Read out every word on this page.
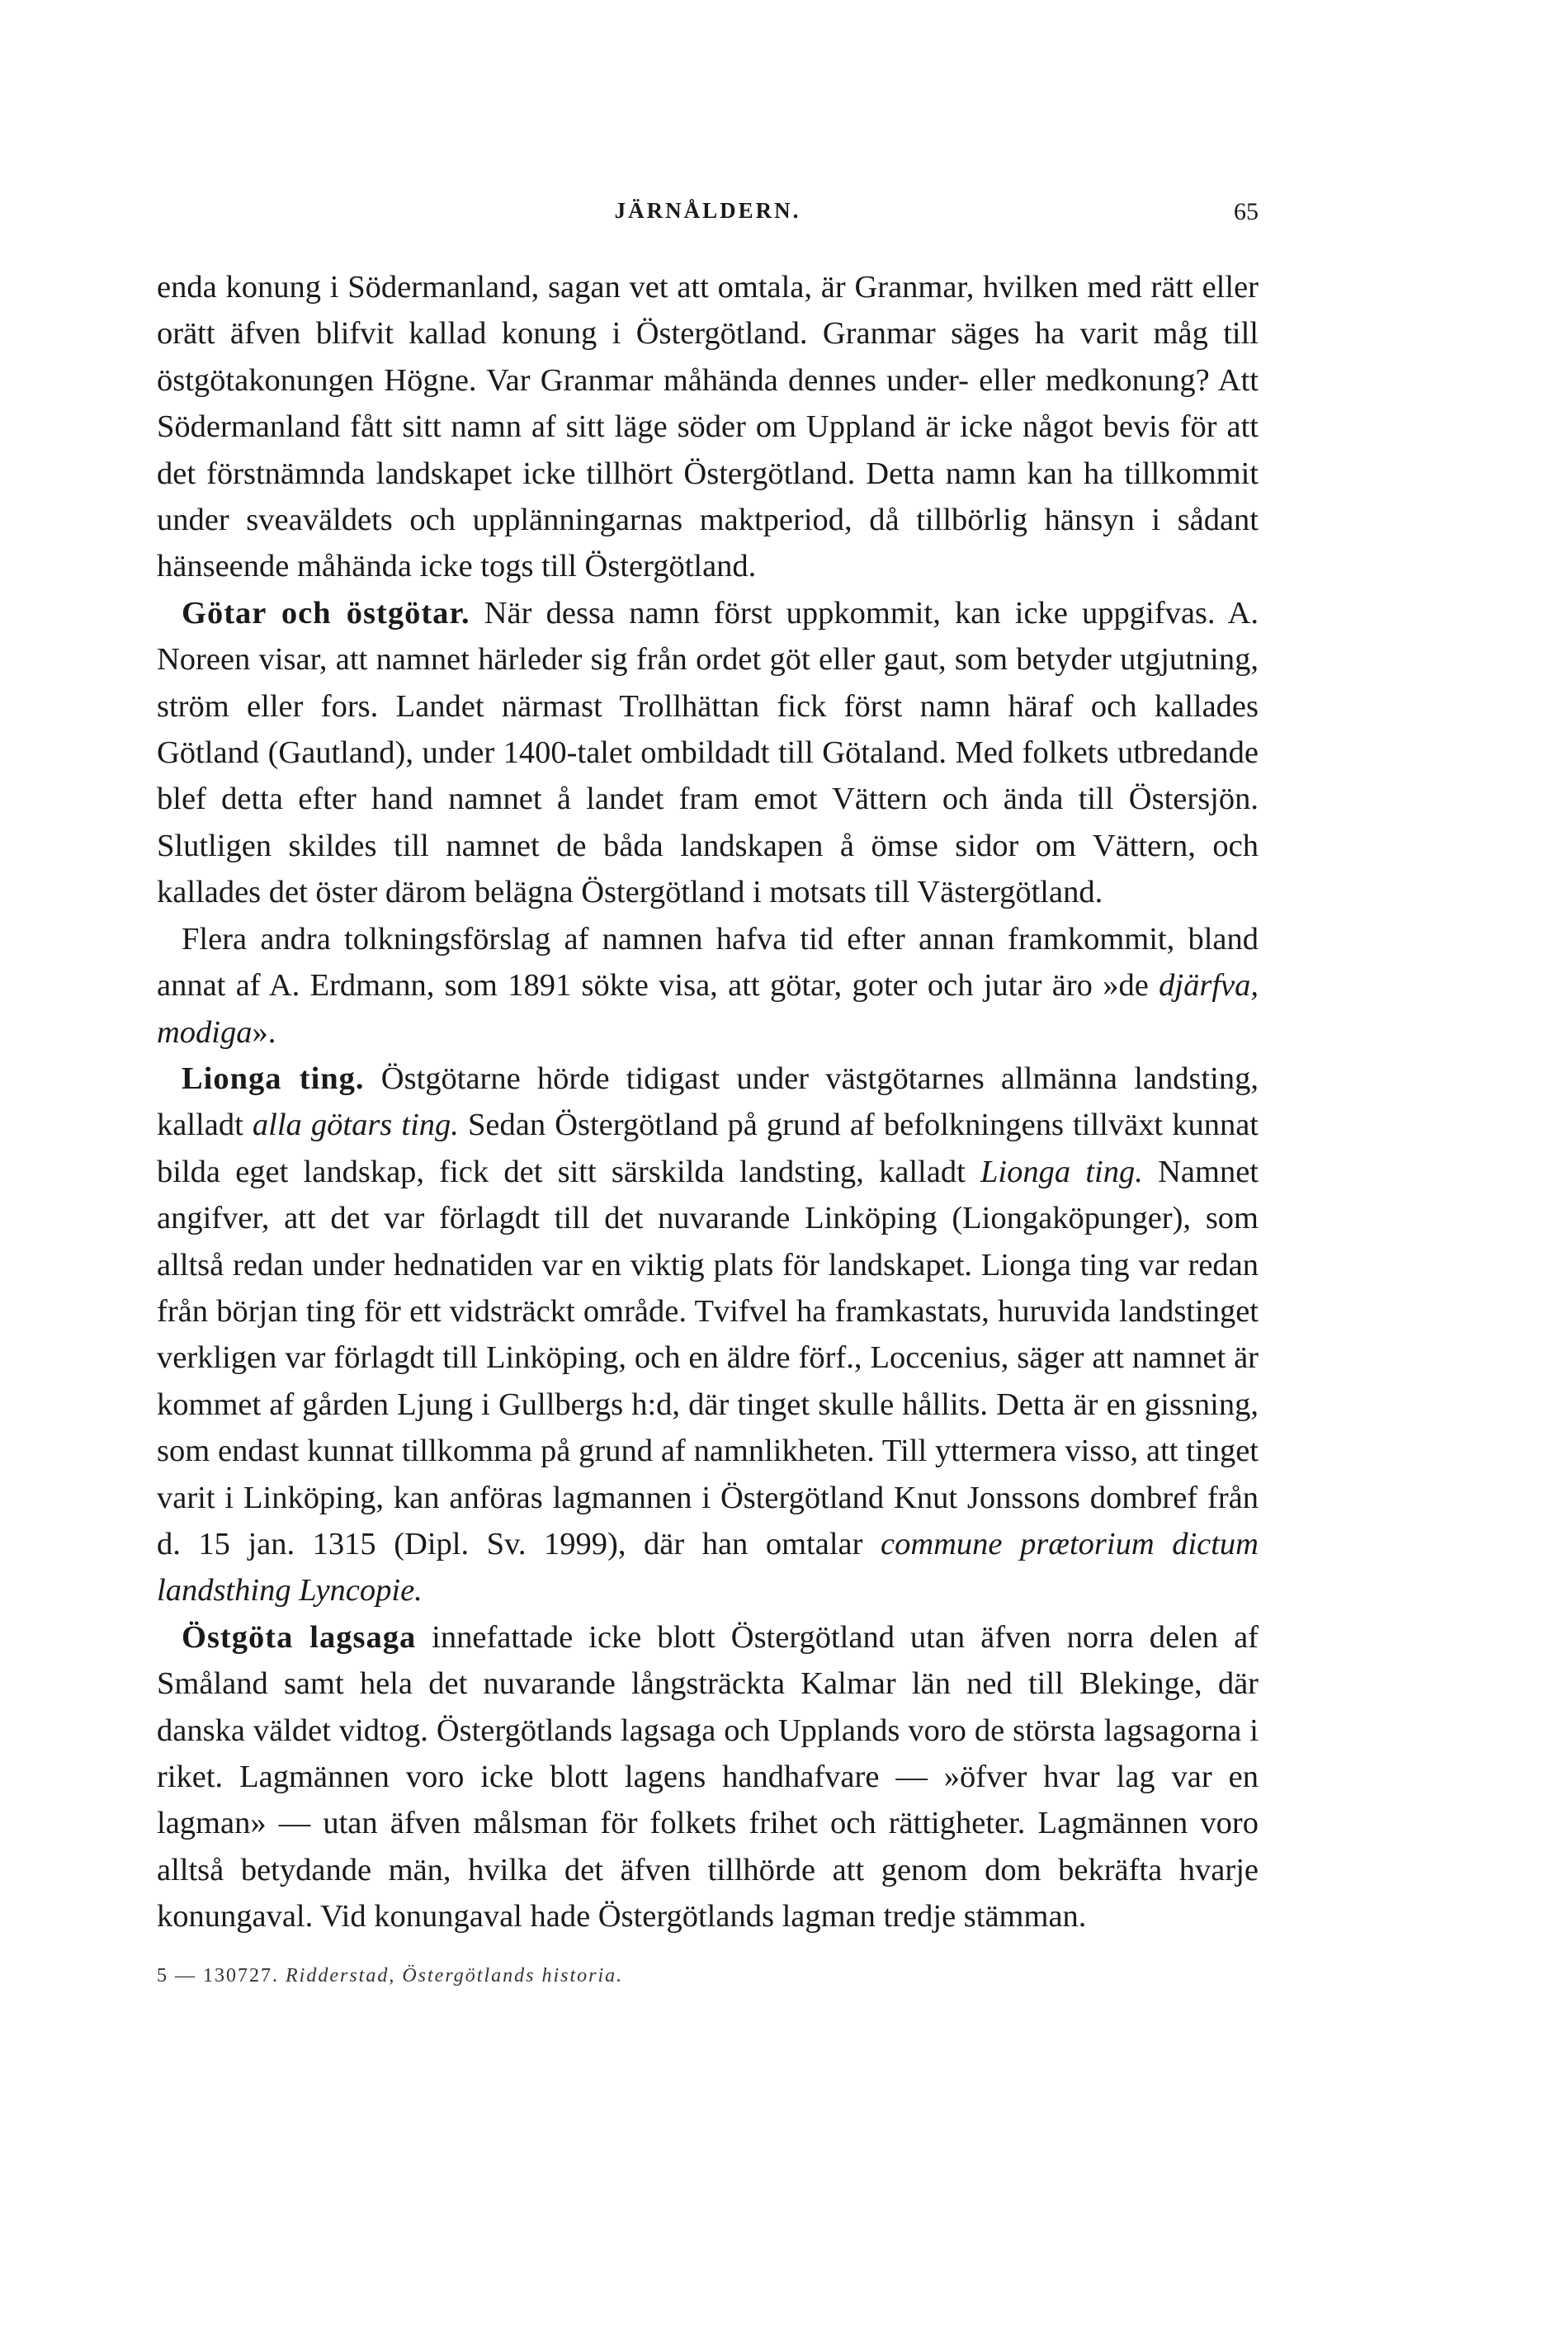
JÄRNÅLDERN.	65

enda konung i Södermanland, sagan vet att omtala, är Granmar, hvilken med rätt eller orätt äfven blifvit kallad konung i Östergötland. Granmar säges ha varit måg till östgötakonungen Högne. Var Granmar måhända dennes under- eller medkonung? Att Södermanland fått sitt namn af sitt läge söder om Uppland är icke något bevis för att det förstnämnda landskapet icke tillhört Östergötland. Detta namn kan ha tillkommit under sveaväldets och upplänningarnas maktperiod, då tillbörlig hänsyn i sådant hänseende måhända icke togs till Östergötland.

Götar och östgötar. När dessa namn först uppkommit, kan icke uppgifvas. A. Noreen visar, att namnet härleder sig från ordet göt eller gaut, som betyder utgjutning, ström eller fors. Landet närmast Trollhättan fick först namn häraf och kallades Götland (Gautland), under 1400-talet ombildadt till Götaland. Med folkets utbredande blef detta efter hand namnet å landet fram emot Vättern och ända till Östersjön. Slutligen skildes till namnet de båda landskapen å ömse sidor om Vättern, och kallades det öster därom belägna Östergötland i motsats till Västergötland.

Flera andra tolkningsförslag af namnen hafva tid efter annan framkommit, bland annat af A. Erdmann, som 1891 sökte visa, att götar, goter och jutar äro »de djärfva, modiga».

Lionga ting. Östgötarne hörde tidigast under västgötarnes allmänna landsting, kalladt alla götars ting. Sedan Östergötland på grund af befolkningens tillväxt kunnat bilda eget landskap, fick det sitt särskilda landsting, kalladt Lionga ting. Namnet angifver, att det var förlagdt till det nuvarande Linköping (Liongaköpunger), som alltså redan under hednatiden var en viktig plats för landskapet. Lionga ting var redan från början ting för ett vidsträckt område. Tvifvel ha framkastats, huruvida landstinget verkligen var förlagdt till Linköping, och en äldre förf., Loccenius, säger att namnet är kommet af gården Ljung i Gullbergs h:d, där tinget skulle hållits. Detta är en gissning, som endast kunnat tillkomma på grund af namnlikheten. Till yttermera visso, att tinget varit i Linköping, kan anföras lagmannen i Östergötland Knut Jonssons dombref från d. 15 jan. 1315 (Dipl. Sv. 1999), där han omtalar commune prætorium dictum landsthing Lyncopie.

Östgöta lagsaga innefattade icke blott Östergötland utan äfven norra delen af Småland samt hela det nuvarande långsträckta Kalmar län ned till Blekinge, där danska väldet vidtog. Östergötlands lagsaga och Upplands voro de största lagsagorna i riket. Lagmännen voro icke blott lagens handhafvare — »öfver hvar lag var en lagman» — utan äfven målsman för folkets frihet och rättigheter. Lagmännen voro alltså betydande män, hvilka det äfven tillhörde att genom dom bekräfta hvarje konungaval. Vid konungaval hade Östergötlands lagman tredje stämman.

5 — 130727. Ridderstad, Östergötlands historia.
